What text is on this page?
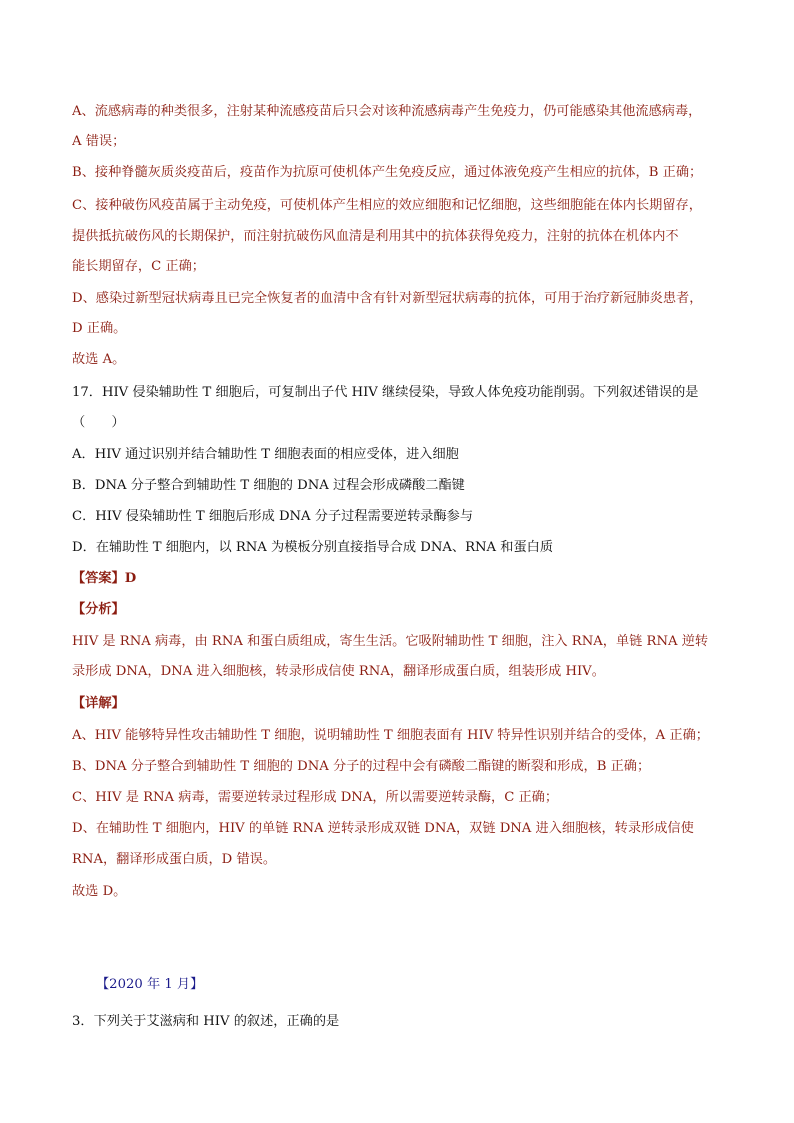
A、流感病毒的种类很多，注射某种流感疫苗后只会对该种流感病毒产生免疫力，仍可能感染其他流感病毒，
A 错误；
B、接种脊髓灰质炎疫苗后，疫苗作为抗原可使机体产生免疫反应，通过体液免疫产生相应的抗体，B 正确；
C、接种破伤风疫苗属于主动免疫，可使机体产生相应的效应细胞和记忆细胞，这些细胞能在体内长期留存，
提供抵抗破伤风的长期保护，而注射抗破伤风血清是利用其中的抗体获得免疫力，注射的抗体在机体内不
能长期留存，C 正确；
D、感染过新型冠状病毒且已完全恢复者的血清中含有针对新型冠状病毒的抗体，可用于治疗新冠肺炎患者，
D 正确。
故选 A。
17．HIV 侵染辅助性 T 细胞后，可复制出子代 HIV 继续侵染，导致人体免疫功能削弱。下列叙述错误的是
（　　）
A．HIV 通过识别并结合辅助性 T 细胞表面的相应受体，进入细胞
B．DNA 分子整合到辅助性 T 细胞的 DNA 过程会形成磷酸二酯键
C．HIV 侵染辅助性 T 细胞后形成 DNA 分子过程需要逆转录酶参与
D．在辅助性 T 细胞内，以 RNA 为模板分别直接指导合成 DNA、RNA 和蛋白质
【答案】D
【分析】
HIV 是 RNA 病毒，由 RNA 和蛋白质组成，寄生生活。它吸附辅助性 T 细胞，注入 RNA，单链 RNA 逆转
录形成 DNA，DNA 进入细胞核，转录形成信使 RNA，翻译形成蛋白质，组装形成 HIV。
【详解】
A、HIV 能够特异性攻击辅助性 T 细胞，说明辅助性 T 细胞表面有 HIV 特异性识别并结合的受体，A 正确；
B、DNA 分子整合到辅助性 T 细胞的 DNA 分子的过程中会有磷酸二酯键的断裂和形成，B 正确；
C、HIV 是 RNA 病毒，需要逆转录过程形成 DNA，所以需要逆转录酶，C 正确；
D、在辅助性 T 细胞内，HIV 的单链 RNA 逆转录形成双链 DNA，双链 DNA 进入细胞核，转录形成信使
RNA，翻译形成蛋白质，D 错误。
故选 D。
【2020 年 1 月】
3．下列关于艾滋病和 HIV 的叙述，正确的是
